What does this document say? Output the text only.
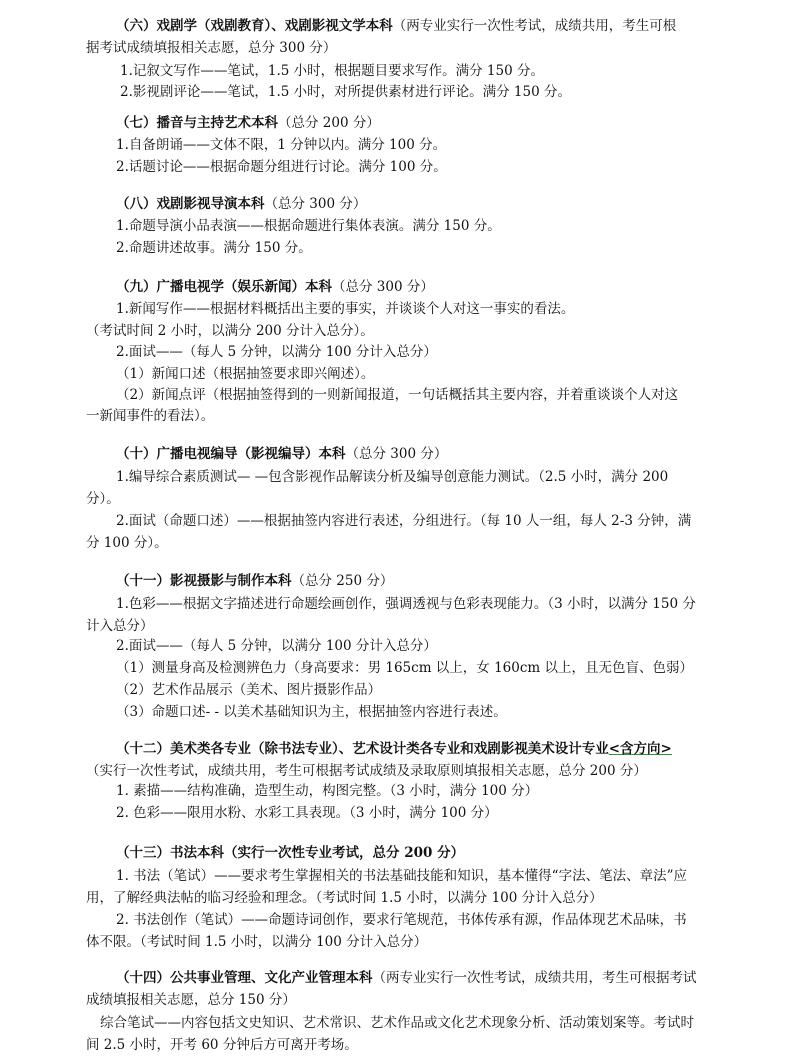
（六）戏剧学（戏剧教育）、戏剧影视文学本科（两专业实行一次性考试，成绩共用，考生可根
据考试成绩填报相关志愿，总分 300 分）
1.记叙文写作——笔试，1.5 小时，根据题目要求写作。满分 150 分。
2.影视剧评论——笔试，1.5 小时，对所提供素材进行评论。满分 150 分。
（七）播音与主持艺术本科（总分 200 分）
1.自备朗诵——文体不限，1 分钟以内。满分 100 分。
2.话题讨论——根据命题分组进行讨论。满分 100 分。
（八）戏剧影视导演本科（总分 300 分）
1.命题导演小品表演——根据命题进行集体表演。满分 150 分。
2.命题讲述故事。满分 150 分。
（九）广播电视学（娱乐新闻）本科（总分 300 分）
1.新闻写作——根据材料概括出主要的事实，并谈谈个人对这一事实的看法。
（考试时间 2 小时，以满分 200 分计入总分）。
2.面试——（每人 5 分钟，以满分 100 分计入总分）
（1）新闻口述（根据抽签要求即兴阐述）。
（2）新闻点评（根据抽签得到的一则新闻报道，一句话概括其主要内容，并着重谈谈个人对这
一新闻事件的看法）。
（十）广播电视编导（影视编导）本科（总分 300 分）
1.编导综合素质测试— —包含影视作品解读分析及编导创意能力测试。（2.5 小时，满分 200 分）。
2.面试（命题口述）——根据抽签内容进行表述，分组进行。（每 10 人一组，每人 2-3 分钟，满分 100 分）。
（十一）影视摄影与制作本科（总分 250 分）
1.色彩——根据文字描述进行命题绘画创作，强调透视与色彩表现能力。（3 小时，以满分 150 分计入总分）
2.面试——（每人 5 分钟，以满分 100 分计入总分）
（1）测量身高及检测辨色力（身高要求：男 165cm 以上，女 160cm 以上，且无色盲、色弱）
（2）艺术作品展示（美术、图片摄影作品）
（3）命题口述- - 以美术基础知识为主，根据抽签内容进行表述。
（十二）美术类各专业（除书法专业）、艺术设计类各专业和戏剧影视美术设计专业<含方向>（实行一次性考试，成绩共用，考生可根据考试成绩及录取原则填报相关志愿，总分 200 分）
1. 素描——结构准确，造型生动，构图完整。（3 小时，满分 100 分）
2. 色彩——限用水粉、水彩工具表现。（3 小时，满分 100 分）
（十三）书法本科（实行一次性专业考试，总分 200 分）
1. 书法（笔试）——要求考生掌握相关的书法基础技能和知识，基本懂得“字法、笔法、章法”应用，了解经典法帖的临习经验和理念。（考试时间 1.5 小时，以满分 100 分计入总分）
2. 书法创作（笔试）——命题诗词创作，要求行笔规范，书体传承有源，作品体现艺术品味，书体不限。（考试时间 1.5 小时，以满分 100 分计入总分）
（十四）公共事业管理、文化产业管理本科（两专业实行一次性考试，成绩共用，考生可根据考试成绩填报相关志愿，总分 150 分）
综合笔试——内容包括文史知识、艺术常识、艺术作品或文化艺术现象分析、活动策划案等。考试时间 2.5 小时，开考 60 分钟后方可离开考场。
